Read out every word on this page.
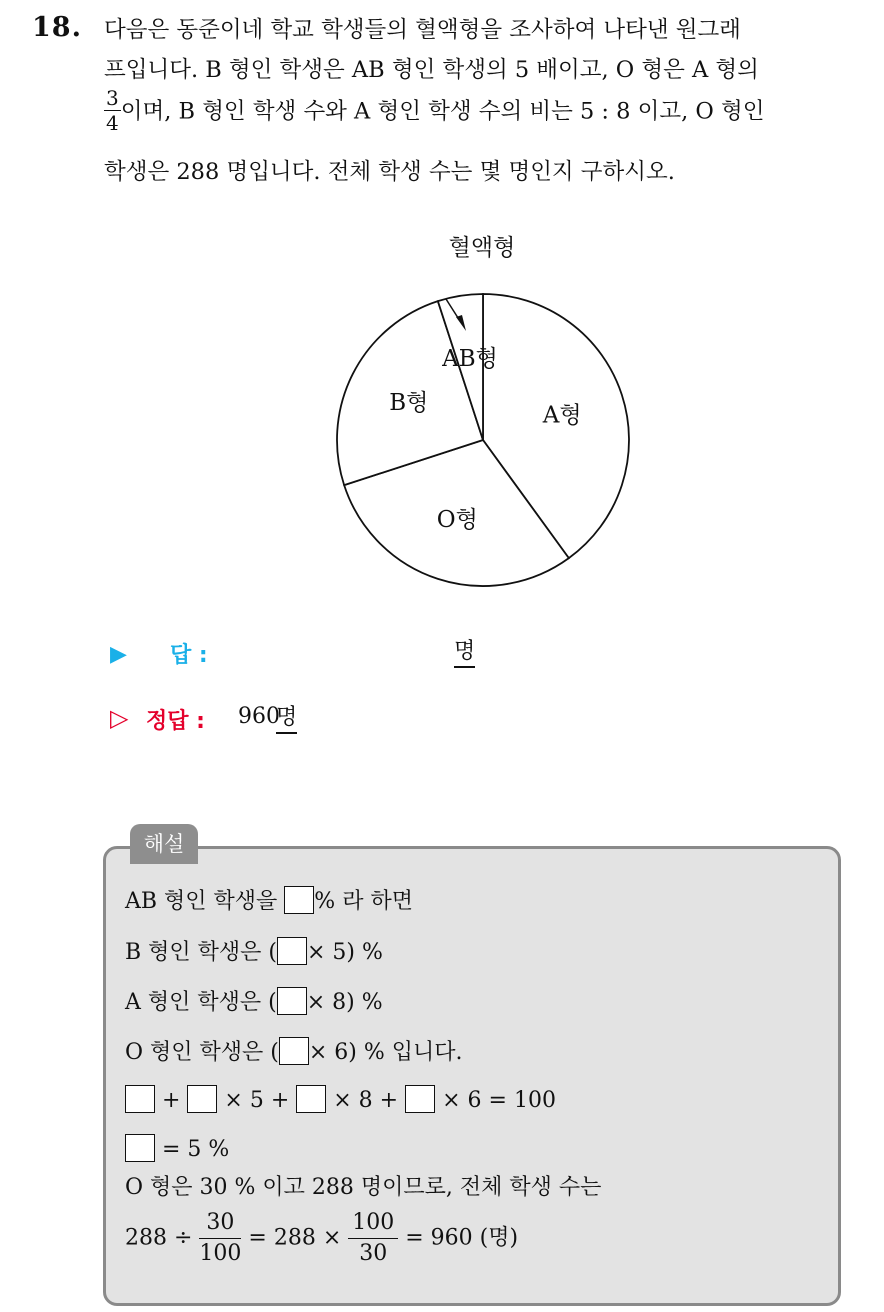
18. 다음은 동준이네 학교 학생들의 혈액형을 조사하여 나타낸 원그래
프입니다. B 형인 학생은 AB 형인 학생의 5 배이고, O 형은 A 형의
$\frac{3}{4}$ 이며, B 형인 학생 수와 A 형인 학생 수의 비는 5 : 8 이고, O 형인
학생은 288 명입니다. 전체 학생 수는 몇 명인지 구하시오.
A형
O형
B형
AB형
혈액형
▶ 답 :	명
▷ 정답 : 960
명
해설
AB 형인 학생을 % 라 하면
B 형인 학생은 ( × 5) %
A 형인 학생은 ( × 8) %
O 형인 학생은 ( × 6) % 입니다.
+  × 5 +  × 8 +  × 6 = 100
= 5 %
O 형은 30 % 이고 288 명이므로, 전체 학생 수는
$288 \div \frac{30}{100} = 288 \times \frac{100}{30} = 960$ (명)
